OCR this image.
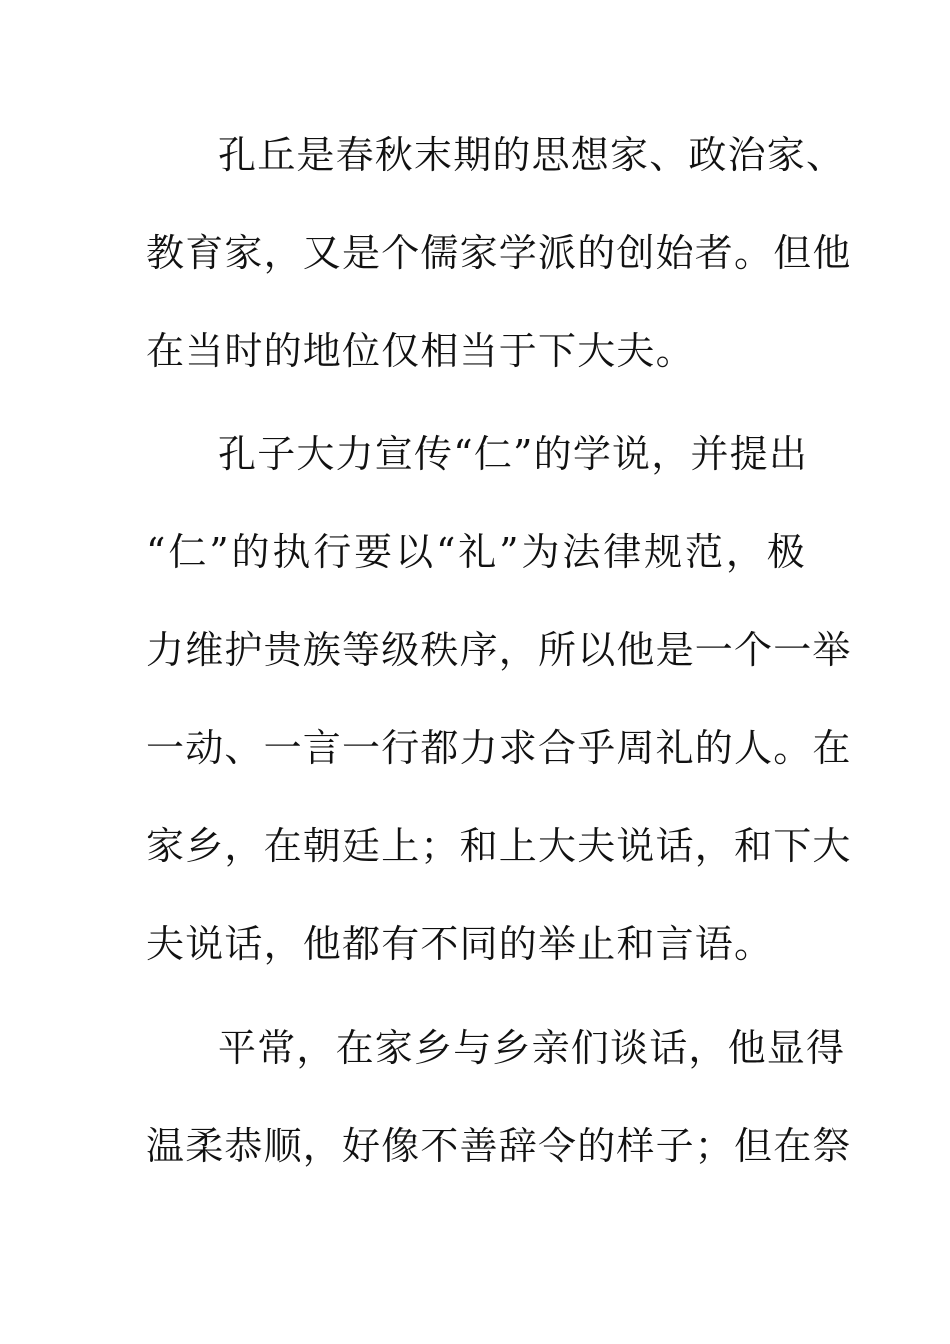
孔丘是春秋末期的思想家、政治家、
教育家，又是个儒家学派的创始者。但他
在当时的地位仅相当于下大夫。
孔子大力宣传“仁”的学说，并提出
“仁”的执行要以“礼”为法律规范，极
力维护贵族等级秩序，所以他是一个一举
一动、一言一行都力求合乎周礼的人。在
家乡，在朝廷上；和上大夫说话，和下大
夫说话，他都有不同的举止和言语。
平常，在家乡与乡亲们谈话，他显得
温柔恭顺，好像不善辞令的样子；但在祭
